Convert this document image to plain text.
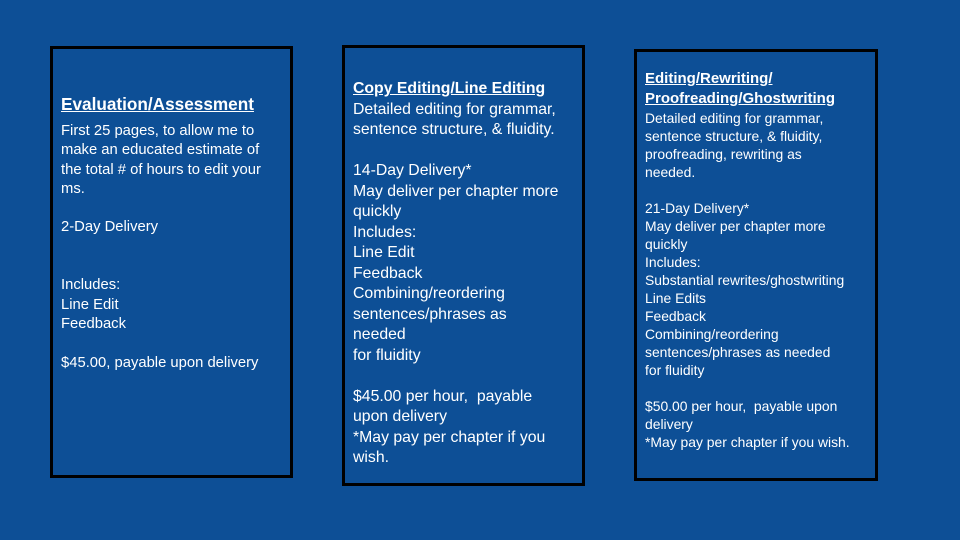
Evaluation/Assessment
First 25 pages, to allow me to
make an educated estimate of
the total # of hours to edit your
ms.

2-Day Delivery

Includes:
Line Edit
Feedback

$45.00, payable upon delivery
Copy Editing/Line Editing
Detailed editing for grammar,
sentence structure, & fluidity.

14-Day Delivery*
May deliver per chapter more
quickly
Includes:
Line Edit
Feedback
Combining/reordering
sentences/phrases as
needed
for fluidity

$45.00 per hour,  payable
upon delivery
*May pay per chapter if you
wish.
Editing/Rewriting/
Proofreading/Ghostwriting
Detailed editing for grammar,
sentence structure, & fluidity,
proofreading, rewriting as
needed.

21-Day Delivery*
May deliver per chapter more
quickly
Includes:
Substantial rewrites/ghostwriting
Line Edits
Feedback
Combining/reordering
sentences/phrases as needed
for fluidity

$50.00 per hour,  payable upon
delivery
*May pay per chapter if you wish.
